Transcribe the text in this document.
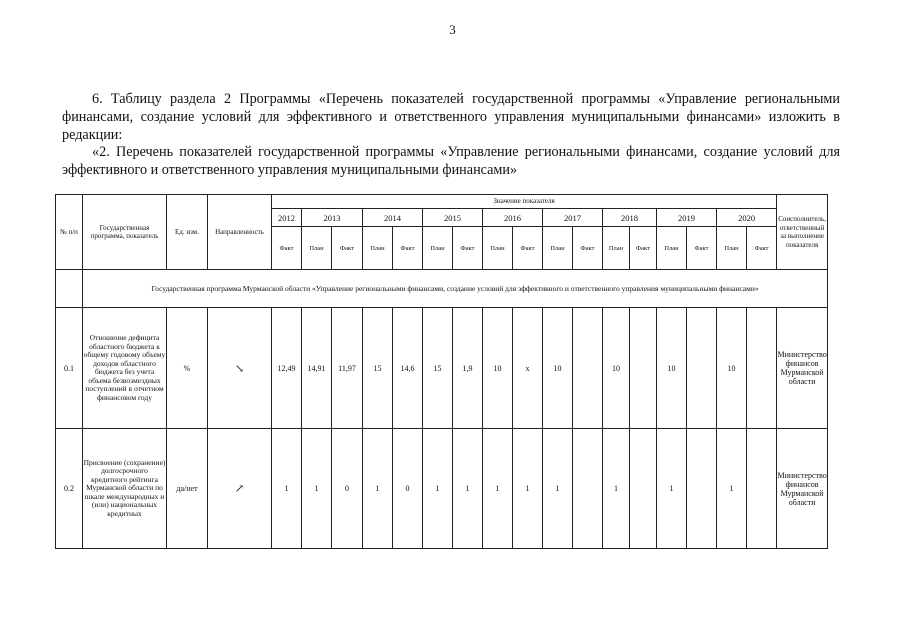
3

6. Таблицу раздела 2 Программы «Перечень показателей государственной программы «Управление региональными финансами, создание условий для эффективного и ответственного управления муниципальными финансами» изложить в редакции:

«2. Перечень показателей государственной программы «Управление региональными финансами, создание условий для эффективного и ответственного управления муниципальными финансами»

№ п/п	Государственная программа, показатель	Ед. изм.	Направленность	Значение показателя																	Соисполнитель, ответственный за выполнение показателя
				2012	2013		2014		2015		2016		2017		2018		2019		2020		
				Факт	План	Факт	План	Факт	План	Факт	План	Факт	План	Факт	План	Факт	План	Факт	План	Факт	
	Государственная программа Мурманской области «Управление региональными финансами, создание условий для эффективного и ответственного управления муниципальными финансами»																				
0.1	Отношение дефицита областного бюджета к общему годовому объему доходов областного бюджета без учета объема безвозмездных поступлений в отчетном финансовом году	%	↘	12,49	14,91	11,97	15	14,6	15	1,9	10	x	10		10		10		10		Министерство финансов Мурманской области
0.2	Присвоение (сохранение) долгосрочного кредитного рейтинга Мурманской области по шкале международных и (или) национальных кредитных	да/нет	↗	1	1	0	1	0	1	1	1	1	1		1		1		1		Министерство финансов Мурманской области
